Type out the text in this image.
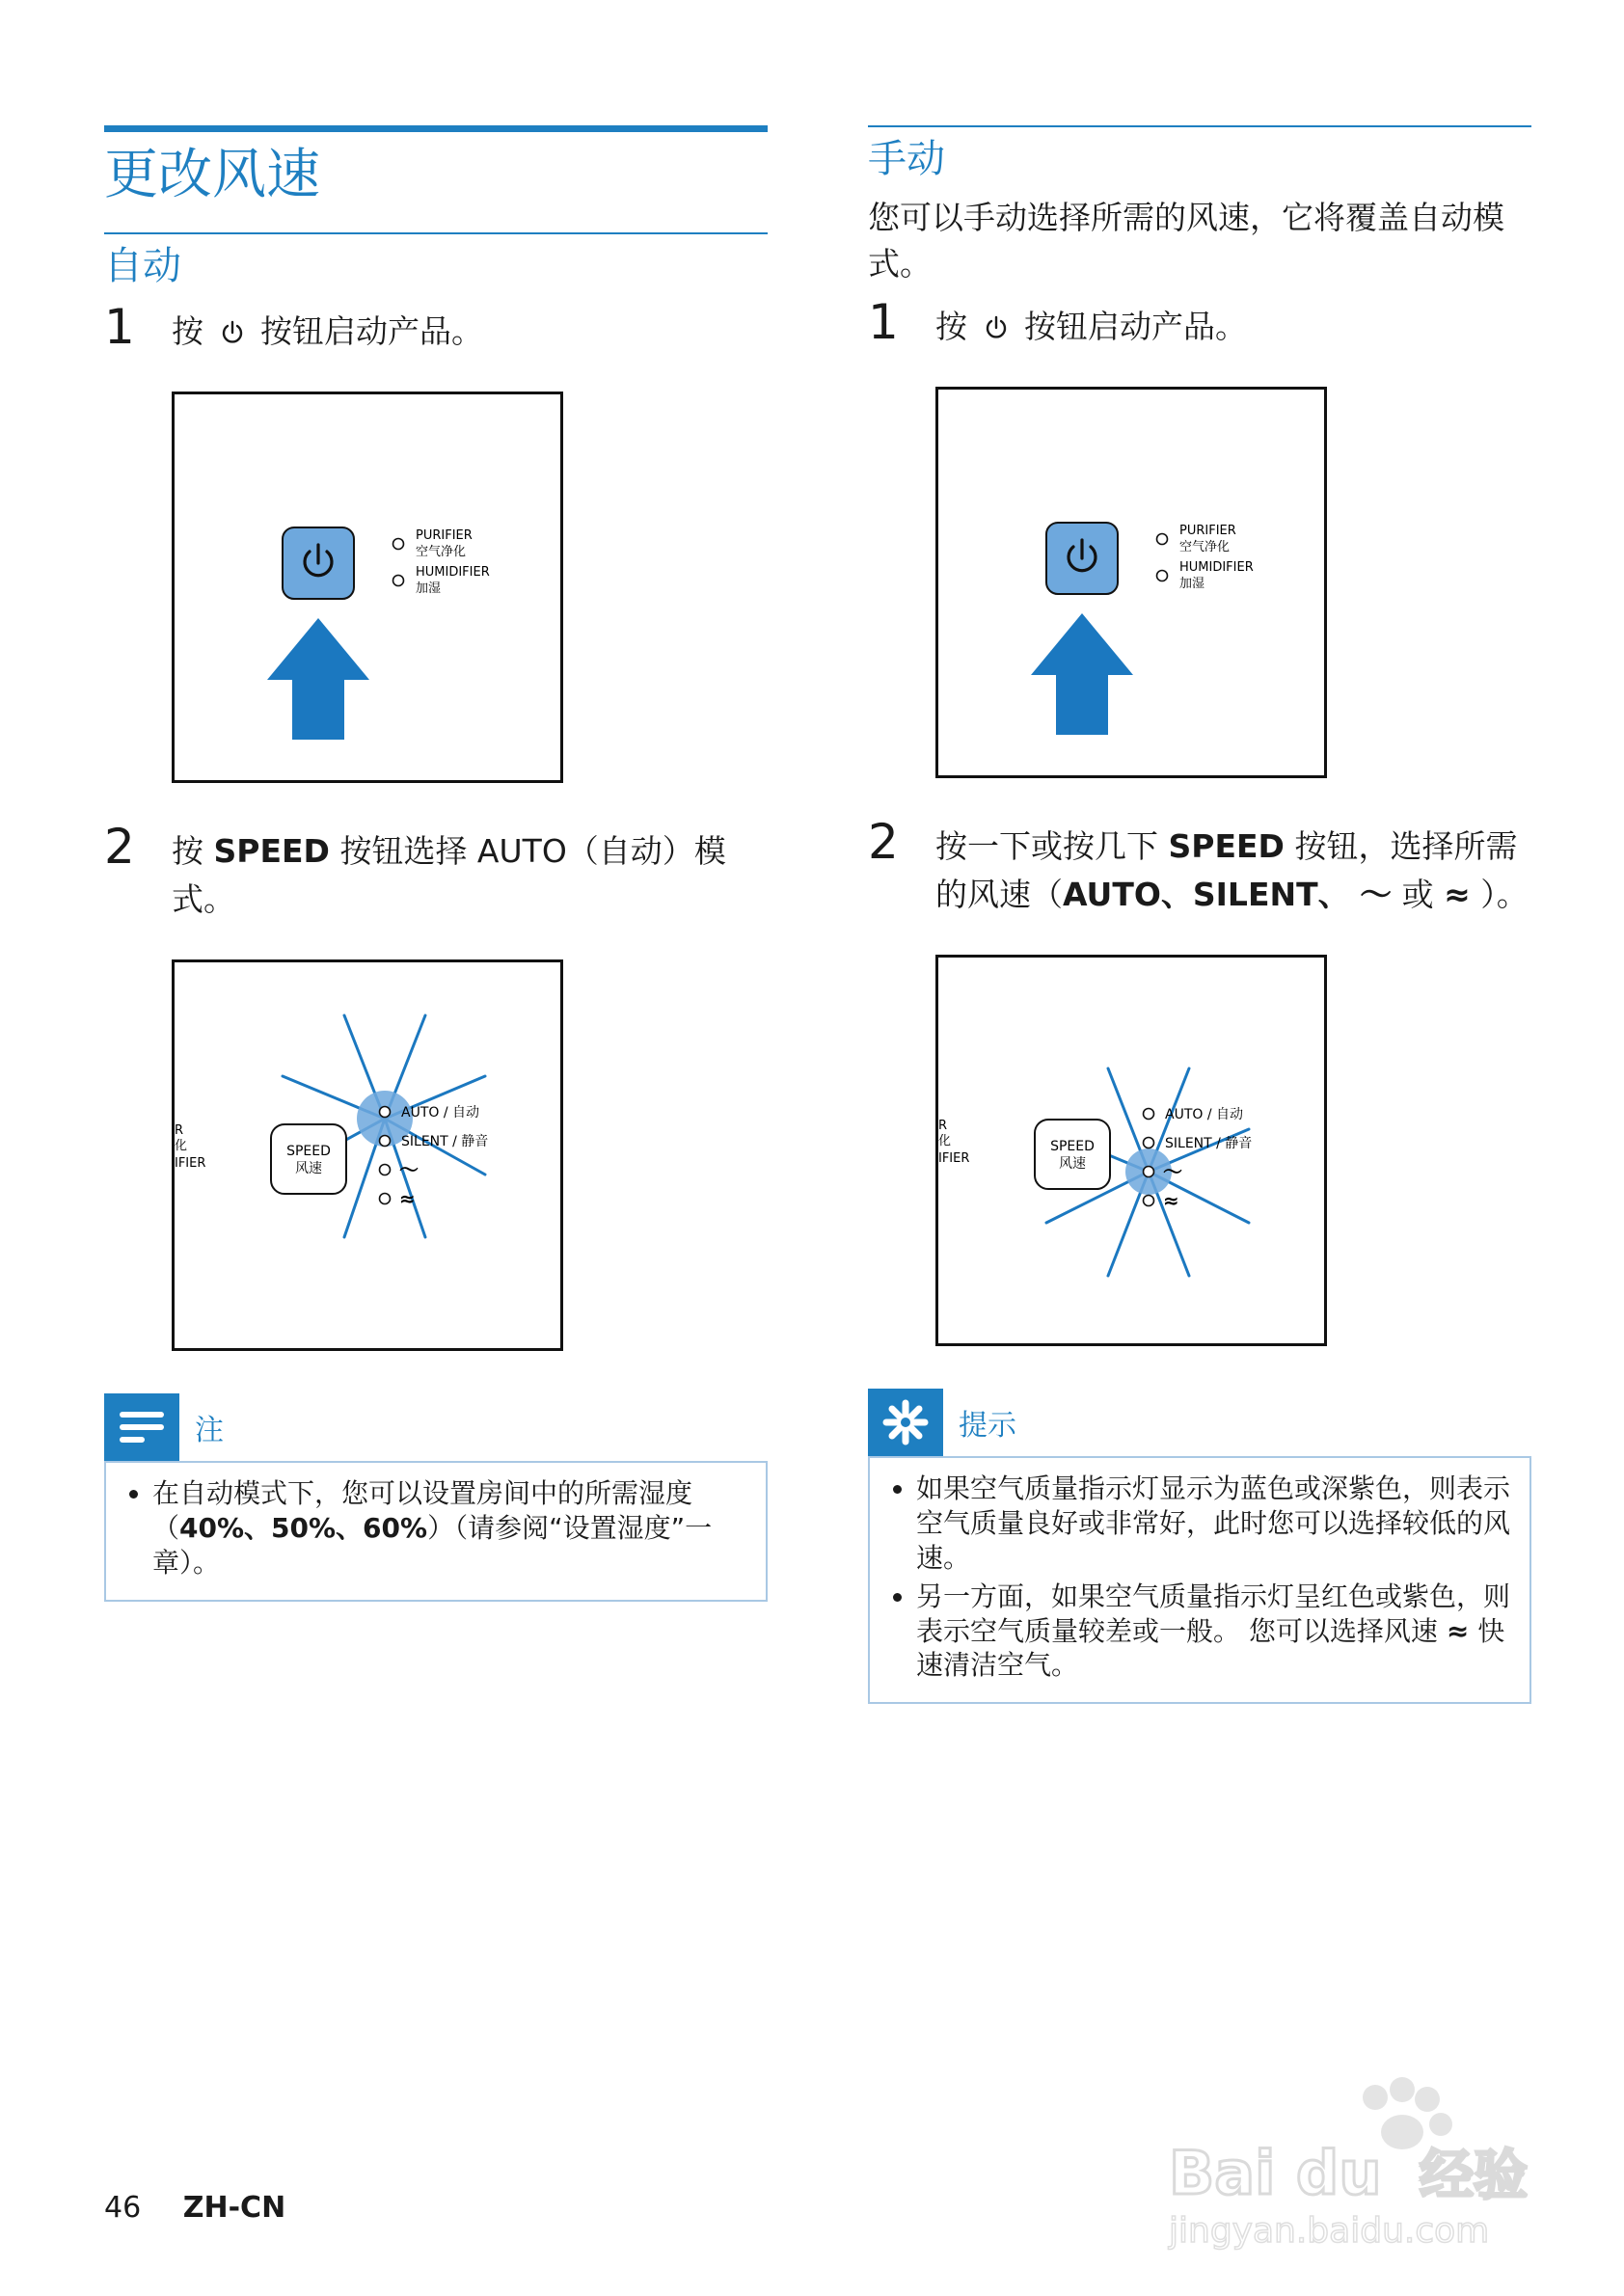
更改风速
自动
1	按 按钮启动产品。
PURIFIER
空气净化
HUMIDIFIER
加湿
2	按 SPEED 按钮选择 AUTO（自动）模式。
SPEED
风速
R
化
IFIER
AUTO / 自动
SILENT / 静音
～
≈
注
• 在自动模式下，您可以设置房间中的所需湿度（40%、50%、60%）（请参阅“设置湿度”一章）。
手动

您可以手动选择所需的风速，它将覆盖自动模式。

1	按 按钮启动产品。
PURIFIER
空气净化
HUMIDIFIER
加湿
2	按一下或按几下 SPEED 按钮，选择所需的风速（AUTO、SILENT、 ～ 或 ≈ ）。
SPEED
风速
R
化
IFIER
AUTO / 自动
SILENT / 静音
～
≈
提示
• 如果空气质量指示灯显示为蓝色或深紫色，则表示空气质量良好或非常好，此时您可以选择较低的风速。
• 另一方面，如果空气质量指示灯呈红色或紫色，则表示空气质量较差或一般。 您可以选择风速 ≈ 快速清洁空气。
46 ZH-CN	Bai du 经验
jingyan.baidu.com
